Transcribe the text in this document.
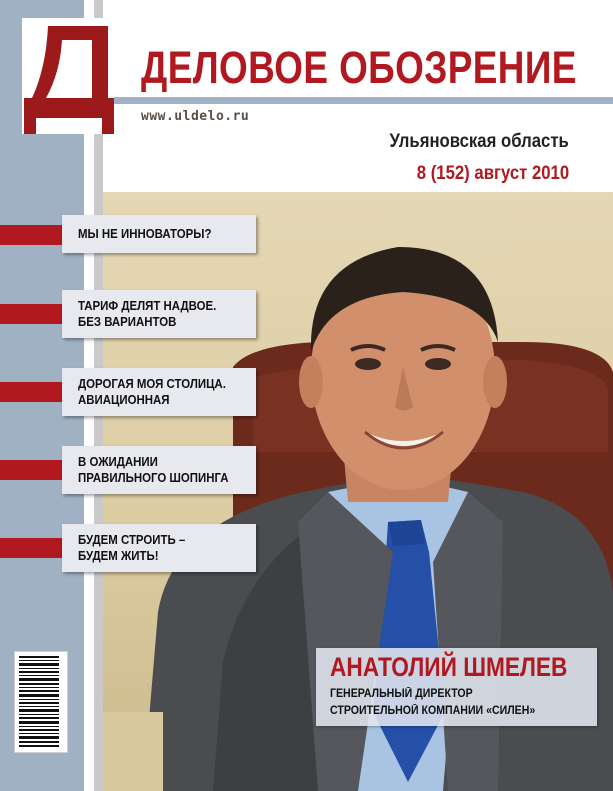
ДЕЛОВОЕ ОБОЗРЕНИЕ
www.uldelo.ru
Ульяновская область
8 (152) август 2010
МЫ НЕ ИННОВАТОРЫ?
ТАРИФ ДЕЛЯТ НАДВОЕ.
БЕЗ ВАРИАНТОВ
ДОРОГАЯ МОЯ СТОЛИЦА.
АВИАЦИОННАЯ
В ОЖИДАНИИ
ПРАВИЛЬНОГО ШОПИНГА
БУДЕМ СТРОИТЬ –
БУДЕМ ЖИТЬ!
АНАТОЛИЙ ШМЕЛЕВ
ГЕНЕРАЛЬНЫЙ ДИРЕКТОР
СТРОИТЕЛЬНОЙ КОМПАНИИ «СИЛЕН»
